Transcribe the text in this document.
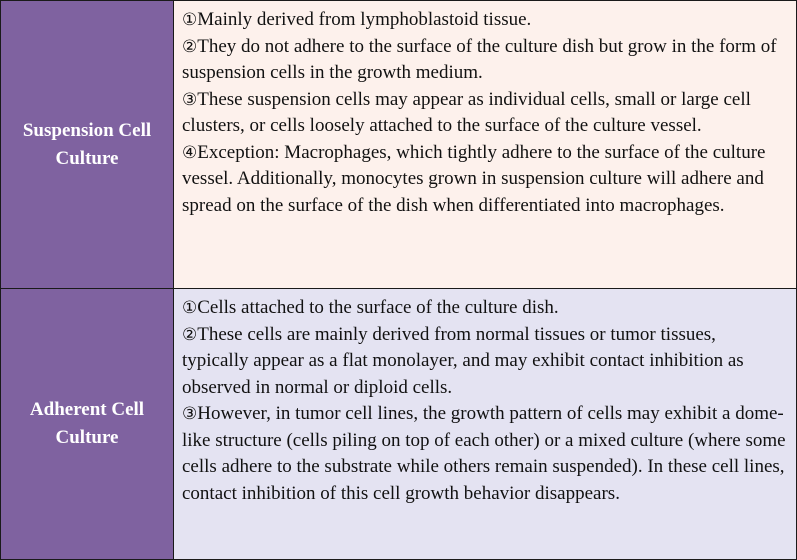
Suspension Cell Culture

①Mainly derived from lymphoblastoid tissue.

②They do not adhere to the surface of the culture dish but grow in the form of suspension cells in the growth medium.

③These suspension cells may appear as individual cells, small or large cell clusters, or cells loosely attached to the surface of the culture vessel.

④Exception: Macrophages, which tightly adhere to the surface of the culture vessel. Additionally, monocytes grown in suspension culture will adhere and spread on the surface of the dish when differentiated into macrophages.

Adherent Cell Culture

①Cells attached to the surface of the culture dish.

②These cells are mainly derived from normal tissues or tumor tissues, typically appear as a flat monolayer, and may exhibit contact inhibition as observed in normal or diploid cells.

③However, in tumor cell lines, the growth pattern of cells may exhibit a dome-like structure (cells piling on top of each other) or a mixed culture (where some cells adhere to the substrate while others remain suspended). In these cell lines, contact inhibition of this cell growth behavior disappears.
